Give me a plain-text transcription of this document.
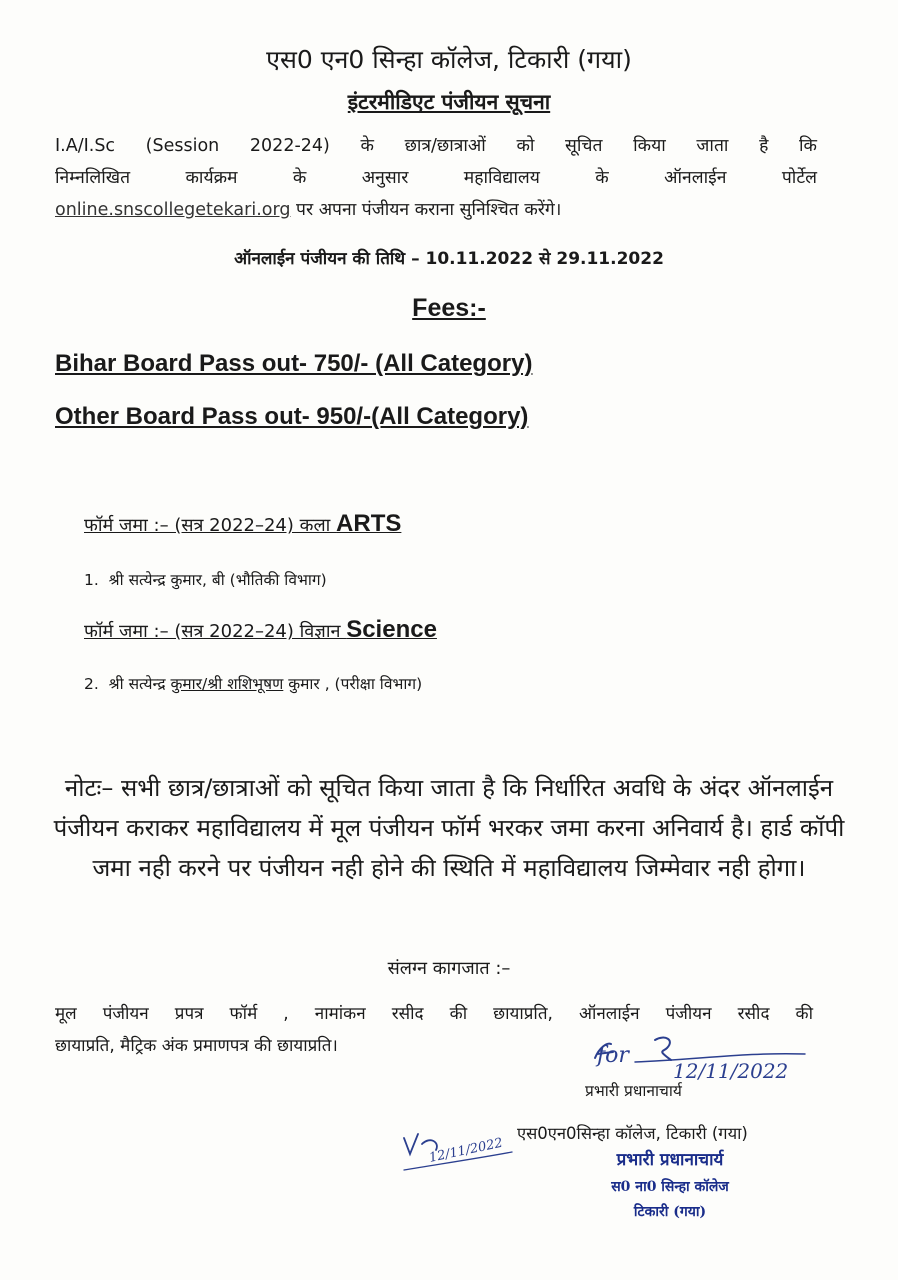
एस0 एन0 सिन्हा कॉलेज, टिकारी (गया)
इंटरमीडिएट पंजीयन सूचना
I.A/I.Sc (Session 2022-24) के छात्र/छात्राओं को सूचित किया जाता है कि
निम्नलिखित कार्यक्रम के अनुसार महाविद्यालय के ऑनलाईन पोर्टेल
online.snscollegetekari.org पर अपना पंजीयन कराना सुनिश्चित करेंगे।
ऑनलाईन पंजीयन की तिथि – 10.11.2022 से 29.11.2022
Fees:-
Bihar Board Pass out- 750/- (All Category)
Other Board Pass out- 950/-(All Category)
फॉर्म जमा :– (सत्र 2022–24) कला ARTS
1. श्री सत्येन्द्र कुमार, बी (भौतिकी विभाग)
फॉर्म जमा :– (सत्र 2022–24) विज्ञान Science
2. श्री सत्येन्द्र कुमार/श्री शशिभूषण कुमार , (परीक्षा विभाग)
नोटः– सभी छात्र/छात्राओं को सूचित किया जाता है कि निर्धारित अवधि के अंदर ऑनलाईन पंजीयन कराकर महाविद्यालय में मूल पंजीयन फॉर्म भरकर जमा करना अनिवार्य है। हार्ड कॉपी जमा नही करने पर पंजीयन नही होने की स्थिति में महाविद्यालय जिम्मेवार नही होगा।
संलग्न कागजात :–
मूल पंजीयन प्रपत्र फॉर्म , नामांकन रसीद की छायाप्रति, ऑनलाईन पंजीयन रसीद की
छायाप्रति, मैट्रिक अंक प्रमाणपत्र की छायाप्रति।	for
12/11/2022
प्रभारी प्रधानाचार्य
एस0एन0सिन्हा कॉलेज, टिकारी (गया)
12/11/2022	प्रभारी प्रधानाचार्य
स0 ना0 सिन्हा कॉलेज
टिकारी (गया)
